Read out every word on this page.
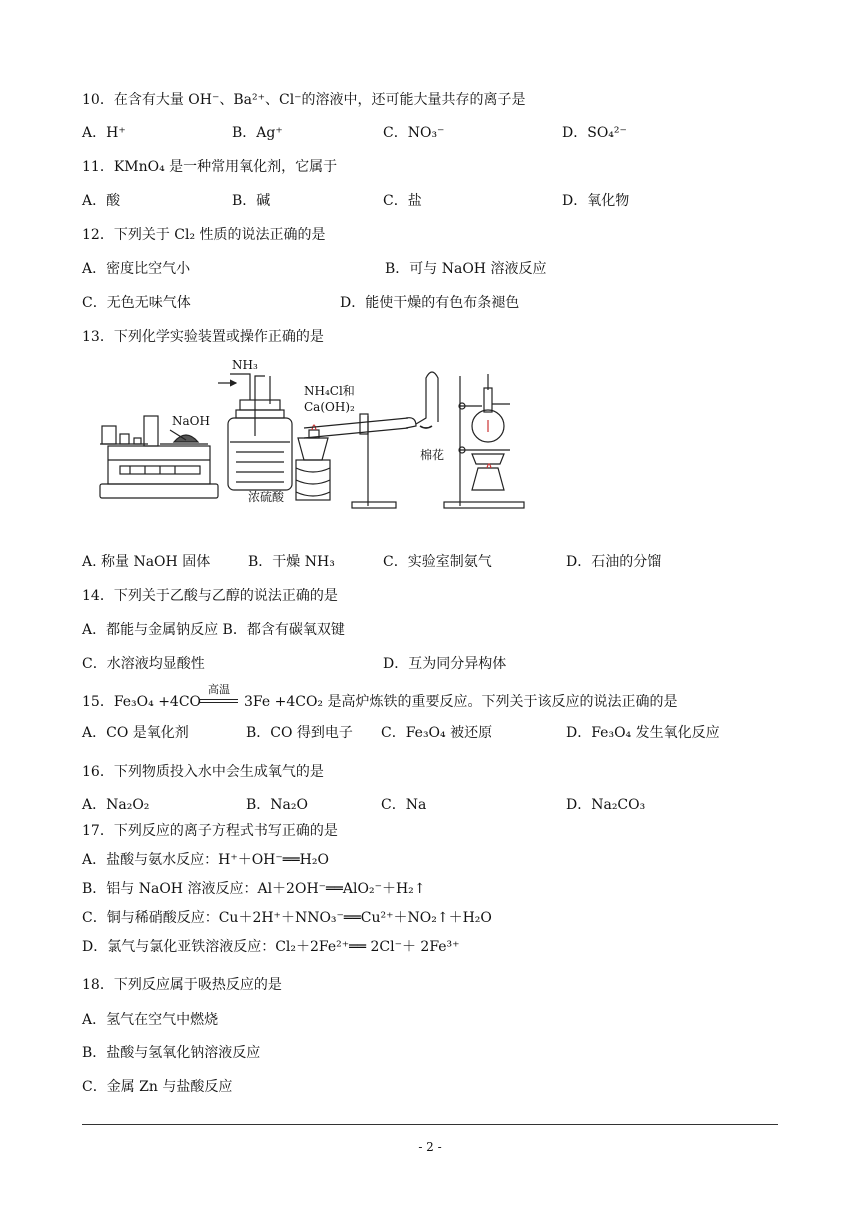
10．在含有大量 OH⁻、Ba²⁺、Cl⁻的溶液中，还可能大量共存的离子是
A．H⁺	B．Ag⁺	C．NO₃⁻	D．SO₄²⁻
11．KMnO₄ 是一种常用氧化剂，它属于
A．酸	B．碱	C．盐	D．氧化物
12．下列关于 Cl₂ 性质的说法正确的是
A．密度比空气小	B．可与 NaOH 溶液反应
C．无色无味气体	D．能使干燥的有色布条褪色
13．下列化学实验装置或操作正确的是
NH₃
NaOH
NH₄Cl和
Ca(OH)₂
浓硫酸
棉花
A. 称量 NaOH 固体	B．干燥 NH₃	C．实验室制氨气	D．石油的分馏
14．下列关于乙酸与乙醇的说法正确的是
A．都能与金属钠反应 B．都含有碳氧双键
C．水溶液均显酸性	D．互为同分异构体
15．Fe₃O₄ +4CO
高温
3Fe +4CO₂ 是高炉炼铁的重要反应。下列关于该反应的说法正确的是
A．CO 是氧化剂	B．CO 得到电子 C．Fe₃O₄ 被还原	D．Fe₃O₄ 发生氧化反应
16．下列物质投入水中会生成氧气的是
A．Na₂O₂	B．Na₂O	C．Na	D．Na₂CO₃
17．下列反应的离子方程式书写正确的是
A．盐酸与氨水反应：H⁺＋OH⁻══H₂O
B．铝与 NaOH 溶液反应：Al＋2OH⁻══AlO₂⁻＋H₂↑
C．铜与稀硝酸反应：Cu＋2H⁺＋NNO₃⁻══Cu²⁺＋NO₂↑＋H₂O
D．氯气与氯化亚铁溶液反应：Cl₂＋2Fe²⁺══ 2Cl⁻＋ 2Fe³⁺
18．下列反应属于吸热反应的是
A．氢气在空气中燃烧
B．盐酸与氢氧化钠溶液反应
C．金属 Zn 与盐酸反应
- 2 -
